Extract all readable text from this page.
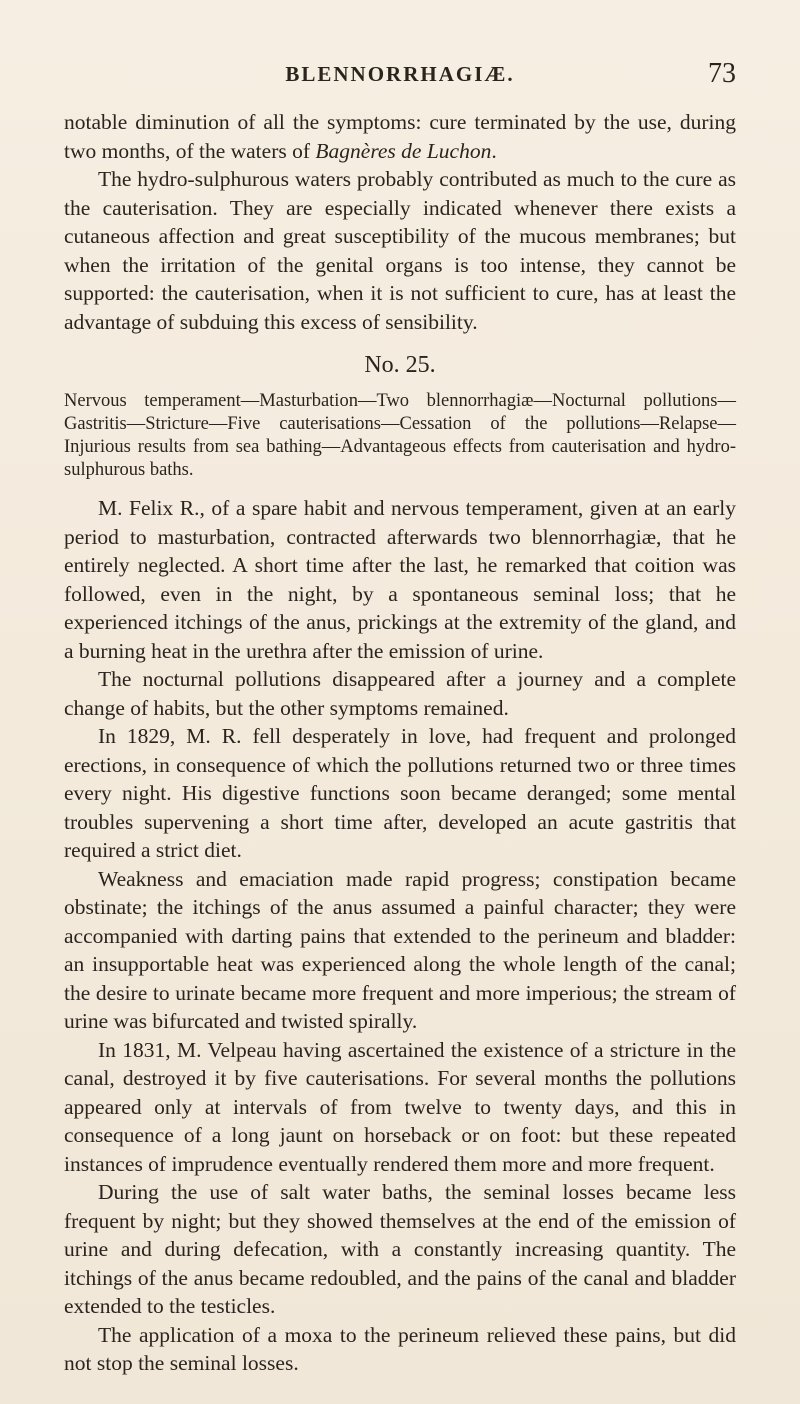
BLENNORRHAGIÆ.	73

notable diminution of all the symptoms: cure terminated by the use, during two months, of the waters of Bagnères de Luchon.

The hydro-sulphurous waters probably contributed as much to the cure as the cauterisation. They are especially indicated whenever there exists a cutaneous affection and great susceptibility of the mucous membranes; but when the irritation of the genital organs is too intense, they cannot be supported: the cauterisation, when it is not sufficient to cure, has at least the advantage of subduing this excess of sensibility.

No. 25.

Nervous temperament—Masturbation—Two blennorrhagiæ—Nocturnal pollutions—Gastritis—Stricture—Five cauterisations—Cessation of the pollutions—Relapse—Injurious results from sea bathing—Advantageous effects from cauterisation and hydro-sulphurous baths.

M. Felix R., of a spare habit and nervous temperament, given at an early period to masturbation, contracted afterwards two blennorrhagiæ, that he entirely neglected. A short time after the last, he remarked that coition was followed, even in the night, by a spontaneous seminal loss; that he experienced itchings of the anus, prickings at the extremity of the gland, and a burning heat in the urethra after the emission of urine.

The nocturnal pollutions disappeared after a journey and a complete change of habits, but the other symptoms remained.

In 1829, M. R. fell desperately in love, had frequent and prolonged erections, in consequence of which the pollutions returned two or three times every night. His digestive functions soon became deranged; some mental troubles supervening a short time after, developed an acute gastritis that required a strict diet.

Weakness and emaciation made rapid progress; constipation became obstinate; the itchings of the anus assumed a painful character; they were accompanied with darting pains that extended to the perineum and bladder: an insupportable heat was experienced along the whole length of the canal; the desire to urinate became more frequent and more imperious; the stream of urine was bifurcated and twisted spirally.

In 1831, M. Velpeau having ascertained the existence of a stricture in the canal, destroyed it by five cauterisations. For several months the pollutions appeared only at intervals of from twelve to twenty days, and this in consequence of a long jaunt on horseback or on foot: but these repeated instances of imprudence eventually rendered them more and more frequent.

During the use of salt water baths, the seminal losses became less frequent by night; but they showed themselves at the end of the emission of urine and during defecation, with a constantly increasing quantity. The itchings of the anus became redoubled, and the pains of the canal and bladder extended to the testicles.

The application of a moxa to the perineum relieved these pains, but did not stop the seminal losses.
